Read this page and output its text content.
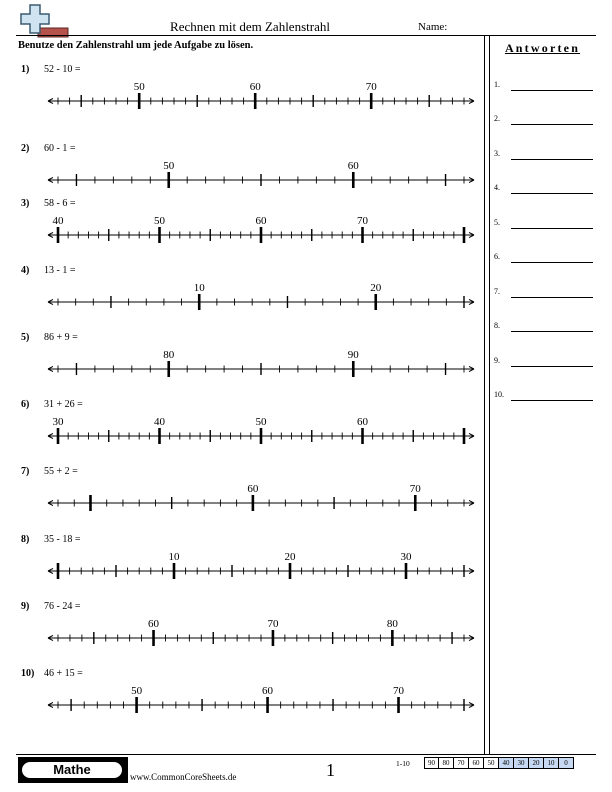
Rechnen mit dem Zahlenstrahl	Name:
Benutze den Zahlenstrahl um jede Aufgabe zu lösen.	Antworten
1.
2.
3.
4.
5.
6.
7.
8.
9.
10.
1) 52 - 10 =
50	60	70
2) 60 - 1 =
50	60
3) 58 - 6 =
40	50	60	70
4) 13 - 1 =
10	20
5) 86 + 9 =
80	90
6) 31 + 26 =
30	40	50	60
7) 55 + 2 =
60	70
8) 35 - 18 =
10	20	30
9) 76 - 24 =
60	70	80
10) 46 + 15 =
50	60	70
Mathe	www.CommonCoreSheets.de	1	1-10	90	80	70	60	50	40	30	20	10	0
